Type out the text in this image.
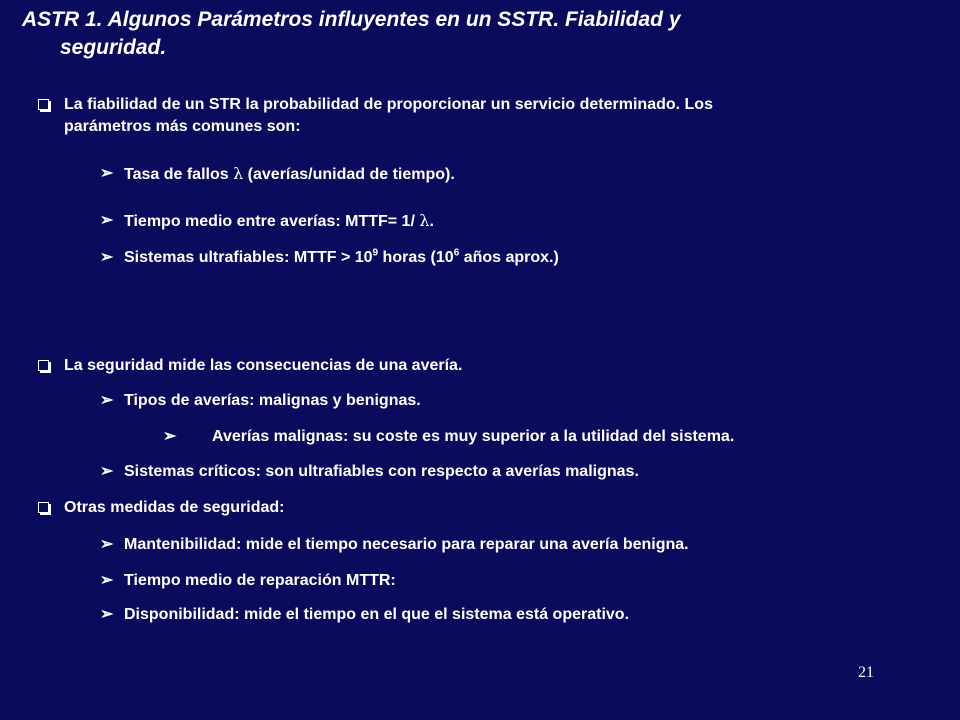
ASTR 1. Algunos Parámetros influyentes en un SSTR. Fiabilidad y
seguridad.
La fiabilidad de un STR la probabilidad de proporcionar un servicio determinado. Los
parámetros más comunes son:
➢ Tasa de fallos λ (averías/unidad de tiempo).
➢ Tiempo medio entre averías: MTTF= 1/ λ.
➢ Sistemas ultrafiables: MTTF > $10^9$ horas ($10^6$ años aprox.)
La seguridad mide las consecuencias de una avería.
➢ Tipos de averías: malignas y benignas.
➢ Averías malignas: su coste es muy superior a la utilidad del sistema.
➢ Sistemas críticos: son ultrafiables con respecto a averías malignas.
Otras medidas de seguridad:
➢ Mantenibilidad: mide el tiempo necesario para reparar una avería benigna.
➢ Tiempo medio de reparación MTTR:
➢ Disponibilidad: mide el tiempo en el que el sistema está operativo.
21
